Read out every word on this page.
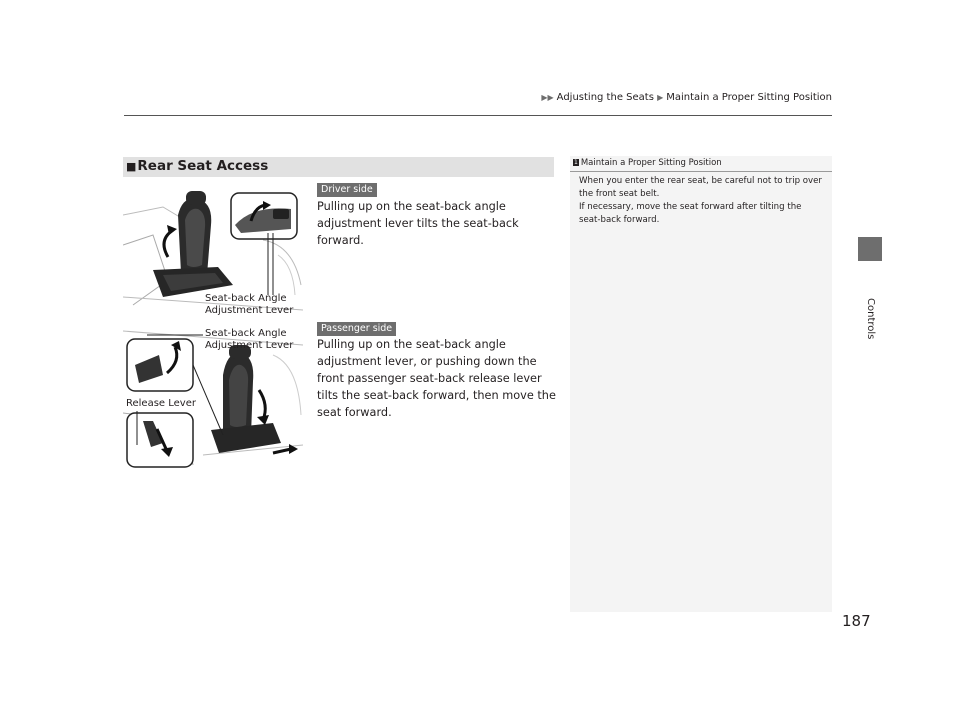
▶▶ Adjusting the Seats ▶ Maintain a Proper Sitting Position
Controls
■Rear Seat Access
Seat-back Angle
Adjustment Lever
Driver side
Pulling up on the seat-back angle adjustment lever tilts the seat-back forward.
Seat-back Angle
Adjustment Lever
Release Lever
Passenger side
Pulling up on the seat-back angle adjustment lever, or pushing down the front passenger seat-back release lever tilts the seat-back forward, then move the seat forward.
1 Maintain a Proper Sitting Position
When you enter the rear seat, be careful not to trip over the front seat belt.
If necessary, move the seat forward after tilting the seat-back forward.
187
